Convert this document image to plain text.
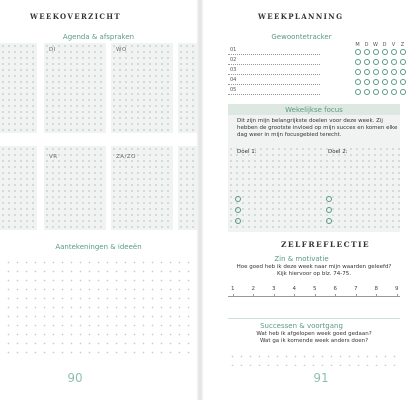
WEEKOVERZICHT
Agenda & afspraken
DI	WO
VR	ZA/ZO
Aantekeningen & ideeën
90
WEEKPLANNING
Gewoontetracker
M D W D	V	Z
01
02
03
04
05
Wekelijkse focus
Dit zijn mijn belangrijkste doelen voor deze week. Zij hebben de grootste invloed op mijn succes en komen elke dag weer in mijn focusgebied terecht.
Doel 1:	Doel 2:
ZELFREFLECTIE
Zin & motivatie
Hoe goed heb ik deze week naar mijn waarden geleefd?
Kijk hiervoor op blz. 74-75.
1	2	3	4	5	6	7	8	9
Successen & voortgang
Wat heb ik afgelopen week goed gedaan?
Wat ga ik komende week anders doen?
91
